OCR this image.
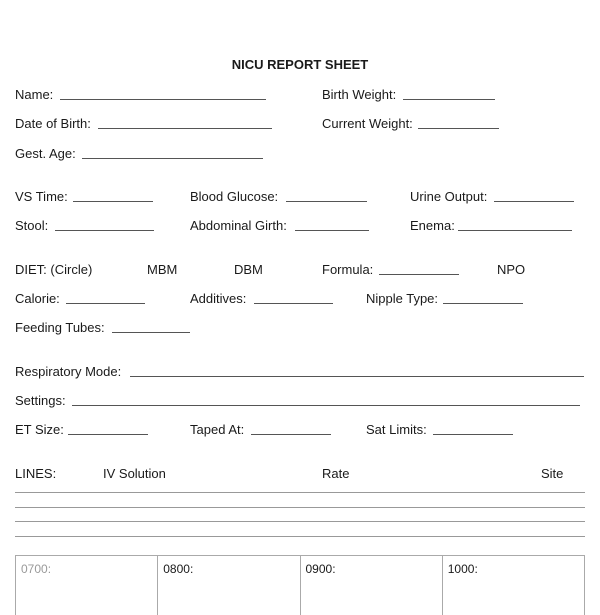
NICU REPORT SHEET
Name:	Birth Weight:
Date of Birth:	Current Weight:
Gest. Age:
VS Time:	Blood Glucose:	Urine Output:
Stool:	Abdominal Girth:	Enema:
DIET: (Circle)	MBM	DBM	Formula:	NPO
Calorie:	Additives:	Nipple Type:
Feeding Tubes:
Respiratory Mode:
Settings:
ET Size:	Taped At:	Sat Limits:
LINES:	IV Solution	Rate	Site
0700:	0800:	0900:	1000:
